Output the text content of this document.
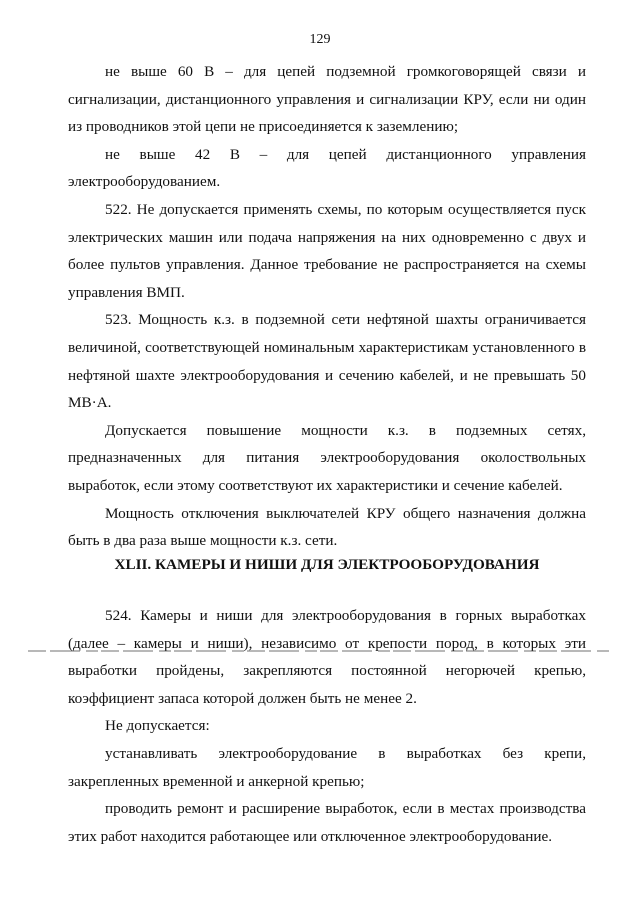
129

не выше 60 В – для цепей подземной громкоговорящей связи и сигнализации, дистанционного управления и сигнализации КРУ, если ни один из проводников этой цепи не присоединяется к заземлению;

не выше 42 В – для цепей дистанционного управления электрооборудованием.

522. Не допускается применять схемы, по которым осуществляется пуск электрических машин или подача напряжения на них одновременно с двух и более пультов управления. Данное требование не распространяется на схемы управления ВМП.

523. Мощность к.з. в подземной сети нефтяной шахты ограничивается величиной, соответствующей номинальным характеристикам установленного в нефтяной шахте электрооборудования и сечению кабелей, и не превышать 50 МВ·А.

Допускается повышение мощности к.з. в подземных сетях, предназначенных для питания электрооборудования околоствольных выработок, если этому соответствуют их характеристики и сечение кабелей.

Мощность отключения выключателей КРУ общего назначения должна быть в два раза выше мощности к.з. сети.

XLII. КАМЕРЫ И НИШИ ДЛЯ ЭЛЕКТРООБОРУДОВАНИЯ

524. Камеры и ниши для электрооборудования в горных выработках (далее – камеры и ниши), независимо от крепости пород, в которых эти выработки пройдены, закрепляются постоянной негорючей крепью, коэффициент запаса которой должен быть не менее 2.

Не допускается:

устанавливать электрооборудование в выработках без крепи, закрепленных временной и анкерной крепью;

проводить ремонт и расширение выработок, если в местах производства этих работ находится работающее или отключенное электрооборудование.
